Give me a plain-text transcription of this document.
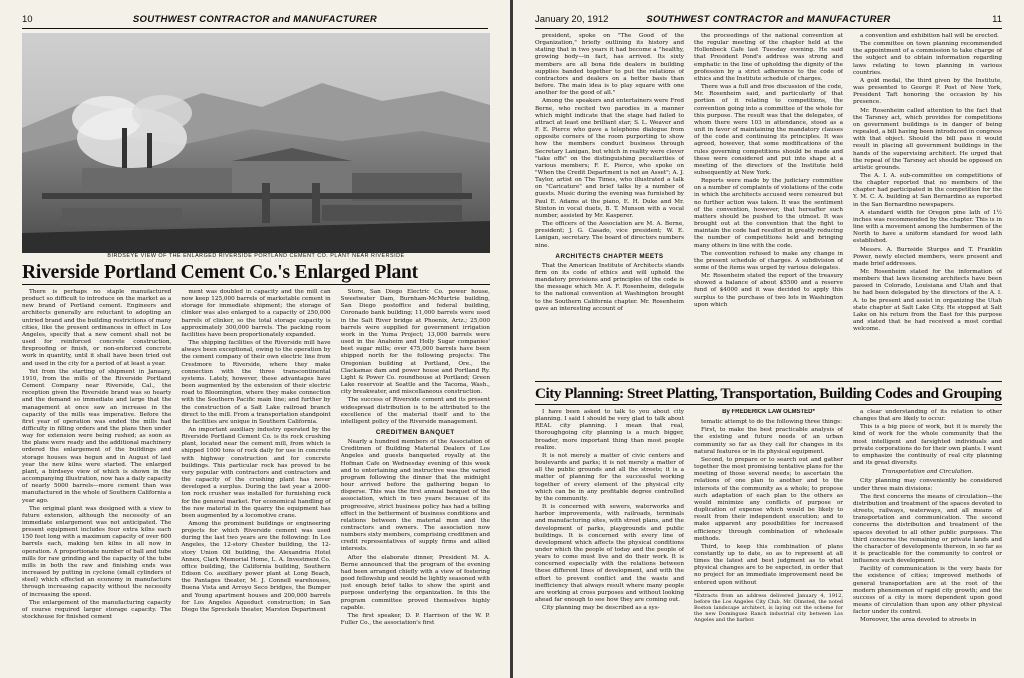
10	SOUTHWEST CONTRACTOR and MANUFACTURER
BIRDSEYE VIEW OF THE ENLARGED RIVERSIDE PORTLAND CEMENT CO. PLANT NEAR RIVERSIDE
Riverside Portland Cement Co.'s Enlarged Plant

There is perhaps no staple manufactured product so difficult to introduce on the market as a new brand of Portland cement. Engineers and architects generally are reluctant to adopting an untried brand and the building restrictions of many cities, like the present ordinances in effect in Los Angeles, specify that a new cement shall not be used for reinforced concrete construction, fireproofing or finish, or non-enforced concrete work in quantity, until it shall have been tried out and used in the city for a period of at least a year.

Yet from the starting of shipment in January, 1910, from the mills of the Riverside Portland Cement Company near Riverside, Cal., the reception given the Riverside brand was so hearty and the demand so immediate and large that the management at once saw an increase in the capacity of the mills was imperative. Before the first year of operation was ended the mills had difficulty in filling orders and the plans then under way for extension were being rushed; as soon as the plans were ready and the additional machinery ordered the enlargement of the buildings and storage houses was begun and in August of last year the new kilns were started. The enlarged plant, a birdseye view of which is shown in the accompanying illustration, now has a daily capacity of nearly 5000 barrels—more cement than was manufactured in the whole of Southern California a year ago.

The original plant was designed with a view to future extension, although the necessity of an immediate enlargement was not anticipated. The present equipment includes four extra kilns each 150 feet long with a maximum capacity of over 600 barrels each, making ten kilns in all now in operation. A proportionate number of ball and tube mills for raw grinding and the capacity of the tube mills in both the raw and finishing ends was increased by putting in cyclone (small cylinders of steel) which effected an economy in manufacture through increasing capacity without the necessity of increasing the speed.

The enlargement of the manufacturing capacity of course required larger storage capacity. The stockhouse for finished cement

ment was doubled in capacity and the mill can now keep 125,000 barrels of marketable cement in storage for immediate shipment; the storage of clinker was also enlarged to a capacity of 250,000 barrels of clinker, so the total storage capacity is approximately 300,000 barrels. The packing room facilities have been proportionately expanded.

The shipping facilities of the Riverside mill have always been exceptional, owing to the operation by the cement company of their own electric line from Crestmore to Riverside, where they make connection with the three transcontinental systems. Lately, however, these advantages have been augmented by the extension of their electric road to Bloomington, where they make connection with the Southern Pacific main line; and further by the construction of a Salt Lake railroad branch direct to the mill. From a transportation standpoint the facilities are unique in Southern California.

An important auxiliary industry operated by the Riverside Portland Cement Co. is its rock crushing plant, located near the cement mill, from which is shipped 1000 tons of rock daily for use in concrete with highway construction and for concrete buildings. This particular rock has proved to be very popular with contractors and contractors and the capacity of the crushing plant has never developed a surplus. During the last year a 2000-ton rock crusher was installed for furnishing rock for the general market. For economical handling of the raw material in the quarry the equipment has been augmented by a locomotive crane.

Among the prominent buildings or engineering projects for which Riverside cement was used during the last two years are the following: In Los Angeles, the 12-story Chester building, the 12-story Union Oil building, the Alexandria Hotel Annex, Clark Memorial Home, L. A. Investment Co. office building, the California building, Southern Edison Co. auxiliary power plant at Long Beach, the Pantages theater, M. J. Connell warehouses, Buena Vista and Arroyo Seco bridges, the Bumper and Young apartment houses and 200,000 barrels for Los Angeles Aqueduct construction; in San Diego the Spreckels theater, Marston Department

Store, San Diego Electric Co. power house, Sweetwater Dam, Burnham-McMurtrie building, San Diego postoffice and federal building, Coronado bank building; 11,000 barrels were used in the Salt River bridge at Phoenix, Ariz.; 25,000 barrels were supplied for government irrigation work in the Yuma Project; 13,000 barrels were used in the Anaheim and Holly Sugar companies' beet sugar mills; over 475,000 barrels have been shipped north for the following projects: The Oregonian building at Portland, Ore., the Clackamas dam and power house and Portland Ry. Light & Power Co. roundhouse at Portland; Green Lake reservoir at Seattle and the Tacoma, Wash., city breakwater, and miscellaneous construction.

The success of Riverside cement and its present widespread distribution is to be attributed to the excellence of the material itself and to the intelligent policy of the Riverside management.

CREDITMEN BANQUET

Nearly a hundred members of the Association of Creditmen of Building Material Dealers of Los Angeles and guests banqueted royally at the Hofman Cafe on Wednesday evening of this week and to entertaining and instructive was the varied program following the dinner that the midnight hour arrived before the gathering began to disperse. This was the first annual banquet of the association, which in two years because of its progressive, strict business policy has had a telling effect in the betterment of business conditions and relations between the material men and the contractors and owners. The association now numbers sixty members, comprising creditmen and credit representatives of supply firms and allied interests.

After the elaborate dinner, President M. A. Berne announced that the program of the evening had been arranged chiefly with a view of fostering good fellowship and would be lightly seasoned with just enough brief talks to show the spirit and purpose underlying the organization. In this the program committee proved themselves highly capable.

The first speaker, D. P. Harrison of the W. P. Fuller Co., the association's first

January 20, 1912	SOUTHWEST CONTRACTOR and MANUFACTURER	11

president, spoke on "The Good of the Organization," briefly outlining its history and stating that in two years it had become a "healthy, growing body—in fact, has arrived. Its sixty members are all bona fide dealers in building supplies banded together to put the relations of contractors and dealers on a better basis than before. The main idea is to play square with one another for the good of all."

Among the speakers and entertainers were Fred Berne, who recited two parodies in a manner which might indicate that the stage had failed to attract at least one brilliant star; S. L. Weaver and F. E. Pierce who gave a telephone dialogue from opposite corners of the room purporting to show how the members conduct business through Secretary Lanigan, but which in reality were clever "take offs" on the distinguishing peculiarities of various members; F. E. Pierce, who spoke on "When the Credit Department is not an Asset"; A. J. Taylor, artist on The Times, who illustrated a talk on "Caricature" and brief talks by a number of guests. Music during the evening was furnished by Paul E. Adams at the piano, E. H. Duke and Mr. Stinton in vocal duets, B. T. Munson with a vocal number, assisted by Mr. Kasperer.

The officers of the Association are M. A. Berne, president; J. G. Casado, vice president; W. E. Lanigan, secretary. The board of directors numbers nine.

ARCHITECTS CHAPTER MEETS

That the American Institute of Architects stands firm on its code of ethics and will uphold the mandatory provisions and principles of the code is the message which Mr. A. F. Rosenheim, delegate to the national convention at Washington brought to the Southern California chapter. Mr. Rosenheim gave an interesting account of

the proceedings of the national convention at the regular meeting of the chapter held at the Hollenbeck Cafe last Tuesday evening. He said that President Pond's address was strong and emphatic in the line of upholding the dignity of the profession by a strict adherence to the code of ethics and the Institute schedule of charges.

There was a full and free discussion of the code, Mr. Rosenheim said, and particularly of that portion of it relating to competitions, the convention going into a committee of the whole for this purpose. The result was that the delegates, of whom there were 103 in attendance, stood as a unit in favor of maintaining the mandatory clauses of the code and continuing its principles. It was agreed, however, that some modifications of the rules governing competitions should be made and these were considered and put into shape at a meeting of the directors of the Institute held subsequently at New York.

Reports were made by the judiciary committee on a number of complaints of violations of the code in which the architects accused were censured but no further action was taken. It was the sentiment of the convention, however, that hereafter such matters should be pushed to the utmost. It was brought out at the convention that the fight to maintain the code had resulted in greatly reducing the number of competitions held and bringing many others in line with the code.

The convention refused to make any change in the present schedule of charges. A subdivision of some of the items was urged by various delegates.

Mr. Rosenheim stated the report of the treasury showed a balance of about $5500 and a reserve fund of $4000 and it was decided to apply this surplus to the purchase of two lots in Washington upon which

a convention and exhibition hall will be erected.

The committee on town planning recommended the appointment of a commission to take charge of the subject and to obtain information regarding laws relating to town planning in various countries.

A gold medal, the third given by the Institute, was presented to George P. Post of New York, President Taft honoring the occasion by his presence.

Mr. Rosenheim called attention to the fact that the Tarsney act, which provides for competitions on government buildings is in danger of being repealed, a bill having been introduced in congress with that object. Should the bill pass it would result in placing all government buildings in the hands of the supervising architect. He urged that the repeal of the Tarsney act should be opposed on artistic grounds.

The A. I. A. sub-committee on competitions of the chapter reported that no members of the chapter had participated in the competition for the Y. M. C. A. building at San Bernardino as reported in the San Bernardino newspapers.

A standard width for Oregon pine lath of 1½ inches was recommended by the chapter. This is in line with a movement among the lumbermen of the North to have a uniform standard for wood lath established.

Messrs. A. Burnside Sturges and T. Franklin Power, newly elected members, were present and made brief addresses.

Mr. Rosenheim stated for the information of members that laws licensing architects have been passed in Colorado, Louisiana and Utah and that he had been delegated by the directors of the A. I. A. to be present and assist in organizing the Utah state chapter at Salt Lake City. He stopped at Salt Lake on his return from the East for this purpose and stated that he had received a most cordial welcome.

City Planning: Street Platting, Transportation, Building Codes and Grouping

I have been asked to talk to you about city planning. I said I should be very glad to talk about REAL city planning. I mean that real, thoroughgoing city planning is a much bigger, broader, more important thing than most people realize.

It is not merely a matter of civic centers and boulevards and parks; it is not merely a matter of all the public grounds and all the streets; it is a matter of planning for the successful working together of every element of the physical city which can be in any profitable degree controlled by the community.

It is concerned with sewers, waterworks and harbor improvements, with railroads, terminals and manufacturing sites, with street plans, and the development of parks, playgrounds and public buildings. It is concerned with every line of development which affects the physical conditions under which the people of today and the people of years to come must live and do their work. It is concerned especially with the relations between these different lines of development, and with the effort to prevent conflict and the waste and inefficiency that always result where many people are working at cross purposes and without looking ahead far enough to see how they are coming out.

City planning may be described as a sys-

By FREDERICK LAW OLMSTED*

tematic attempt to do the following three things:

First, to make the best practicable analysis of the existing and future needs of an urban community so far as they call for changes in its natural features or in its physical equipment.

Second, to prepare or to search out and gather together the most promising tentative plans for the meeting of those several needs; to ascertain the relations of one plan to another and to the interests of the community as a whole; to propose such adaptation of each plan to the others as would minimize any conflicts of purpose or duplication of expense which would be likely to result from their independent execution; and to make apparent any possibilities for increased efficiency through combination of wholesale methods.

Third, to keep this combination of plans constantly up to date, so as to represent at all times the latest and best judgment as to what physical changes are to be expected, in order that no project for an immediate improvement need be entered upon without

*Extracts from an address delivered January 4, 1912, before the Los Angeles City Club. Mr. Olmsted, the noted Boston landscape architect, is laying out the scheme for the new Dominguez Ranch industrial city between Los Angeles and the harbor.

a clear understanding of its relation to other changes that are likely to occur.

This is a big piece of work, but it is merely the kind of work for the whole community that the most intelligent and farsighted individuals and private corporations do for their own plants. I want to emphasize the continuity of real city planning and its great diversity.

Transportation and Circulation.

City planning may conveniently be considered under three main divisions:

The first concerns the means of circulation—the distribution and treatment of the spaces devoted to streets, railways, waterways, and all means of transportation and communication. The second concerns the distribution and treatment of the spaces devoted to all other public purposes. The third concerns the remaining or private lands and the character of developments thereon, in so far as it is practicable for the community to control or influence such development.

Facility of communication is the very basis for the existence of cities; improved methods of general transportation are at the root of the modern phenomenon of rapid city growth; and the success of a city is more dependent upon good means of circulation than upon any other physical factor under its control.

Moreover, the area devoted to streets in
